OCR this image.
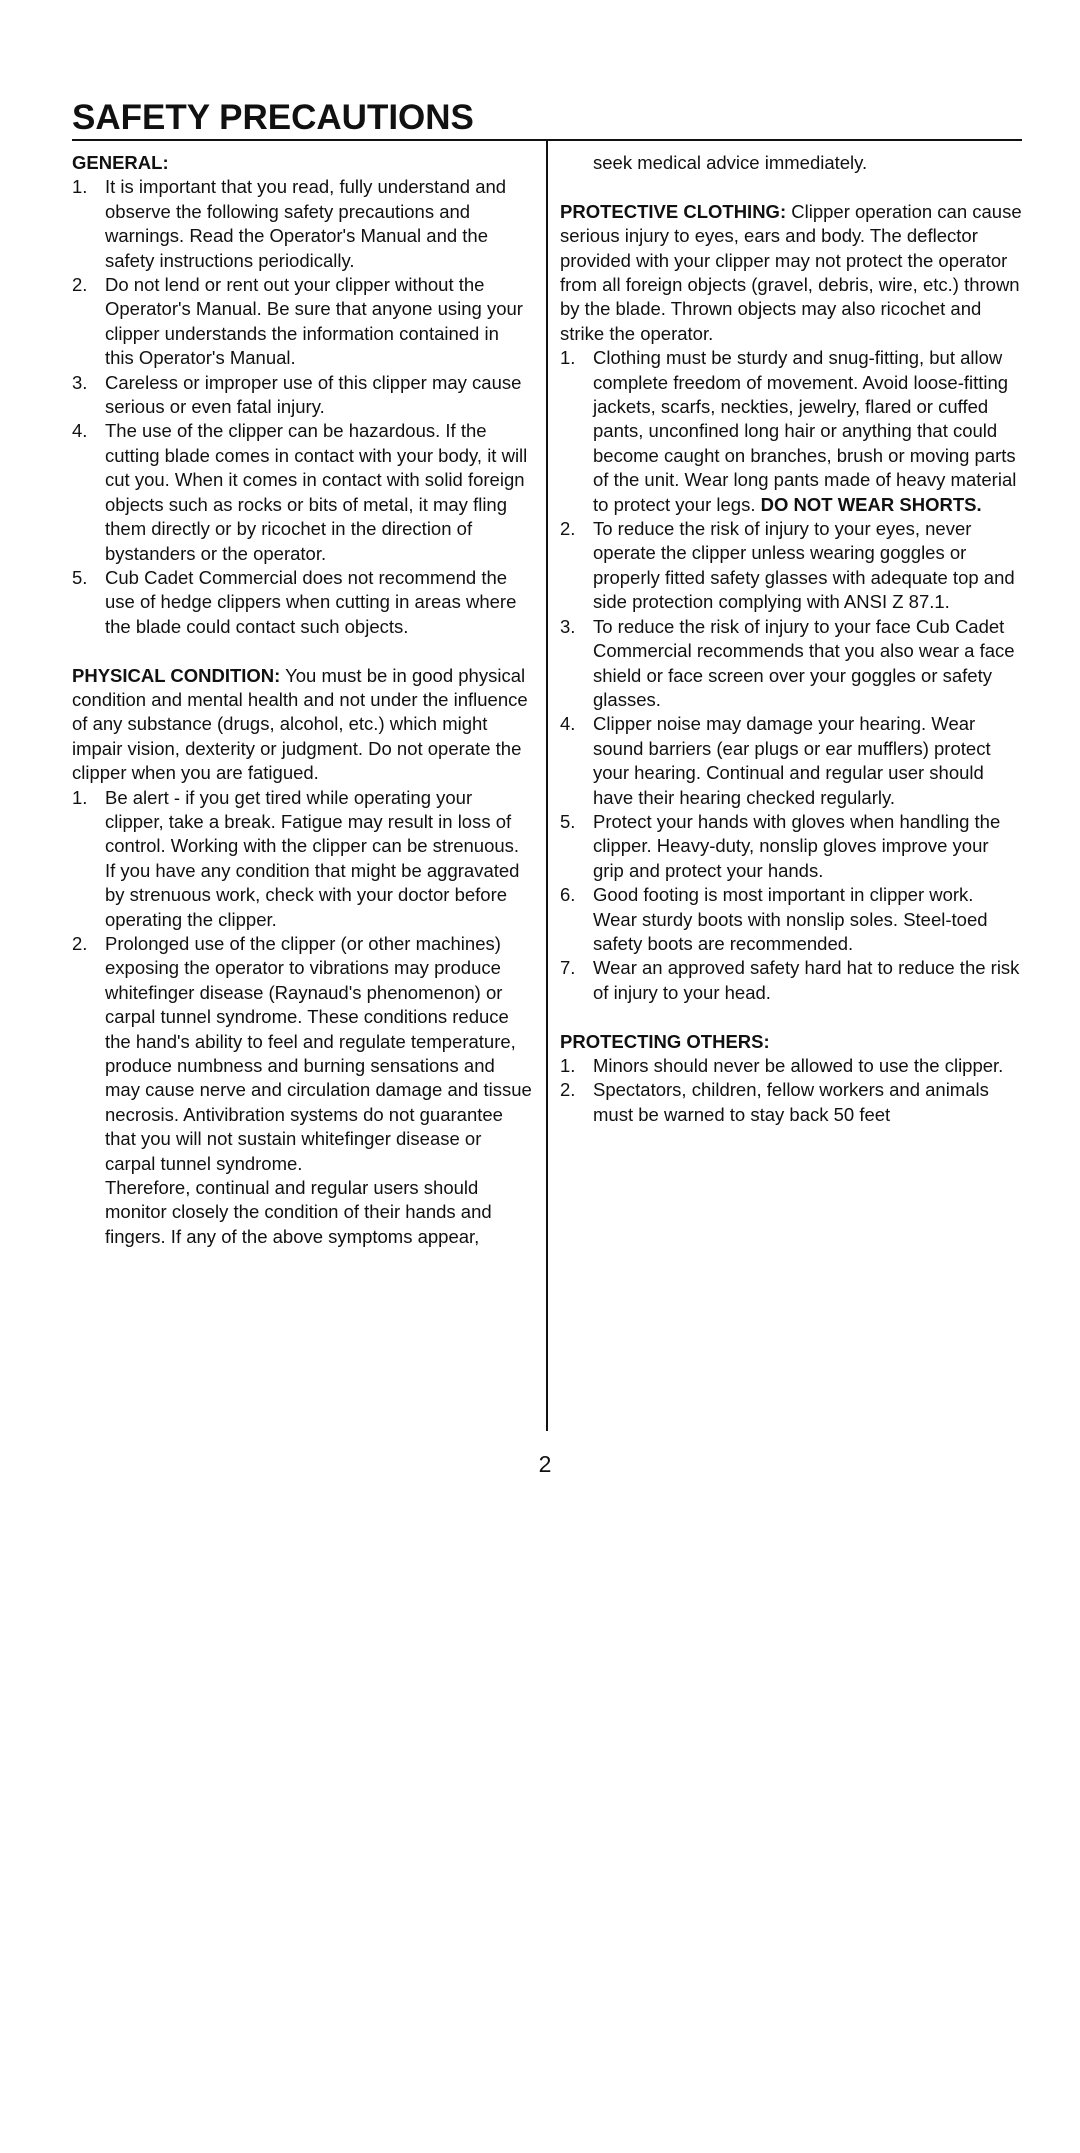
SAFETY PRECAUTIONS

GENERAL:

1. It is important that you read, fully understand and observe the following safety precautions and warnings. Read the Operator's Manual and the safety instructions periodically.
2. Do not lend or rent out your clipper without the Operator's Manual. Be sure that anyone using your clipper understands the information contained in this Operator's Manual.
3. Careless or improper use of this clipper may cause serious or even fatal injury.
4. The use of the clipper can be hazardous. If the cutting blade comes in contact with your body, it will cut you. When it comes in contact with solid foreign objects such as rocks or bits of metal, it may fling them directly or by ricochet in the direction of bystanders or the operator.
5. Cub Cadet Commercial does not recommend the use of hedge clippers when cutting in areas where the blade could contact such objects.

PHYSICAL CONDITION: You must be in good physical condition and mental health and not under the influence of any substance (drugs, alcohol, etc.) which might impair vision, dexterity or judgment. Do not operate the clipper when you are fatigued.

1. Be alert - if you get tired while operating your clipper, take a break. Fatigue may result in loss of control. Working with the clipper can be strenuous. If you have any condition that might be aggravated by strenuous work, check with your doctor before operating the clipper.
2. Prolonged use of the clipper (or other machines) exposing the operator to vibrations may produce whitefinger disease (Raynaud's phenomenon) or carpal tunnel syndrome. These conditions reduce the hand's ability to feel and regulate temperature, produce numbness and burning sensations and may cause nerve and circulation damage and tissue necrosis. Antivibration systems do not guarantee that you will not sustain whitefinger disease or carpal tunnel syndrome.

Therefore, continual and regular users should monitor closely the condition of their hands and fingers. If any of the above symptoms appear,

seek medical advice immediately.

PROTECTIVE CLOTHING: Clipper operation can cause serious injury to eyes, ears and body. The deflector provided with your clipper may not protect the operator from all foreign objects (gravel, debris, wire, etc.) thrown by the blade. Thrown objects may also ricochet and strike the operator.

1. Clothing must be sturdy and snug-fitting, but allow complete freedom of movement. Avoid loose-fitting jackets, scarfs, neckties, jewelry, flared or cuffed pants, unconfined long hair or anything that could become caught on branches, brush or moving parts of the unit. Wear long pants made of heavy material to protect your legs. DO NOT WEAR SHORTS.
2. To reduce the risk of injury to your eyes, never operate the clipper unless wearing goggles or properly fitted safety glasses with adequate top and side protection complying with ANSI Z 87.1.
3. To reduce the risk of injury to your face Cub Cadet Commercial recommends that you also wear a face shield or face screen over your goggles or safety glasses.
4. Clipper noise may damage your hearing. Wear sound barriers (ear plugs or ear mufflers) protect your hearing. Continual and regular user should have their hearing checked regularly.
5. Protect your hands with gloves when handling the clipper. Heavy-duty, nonslip gloves improve your grip and protect your hands.
6. Good footing is most important in clipper work. Wear sturdy boots with nonslip soles. Steel-toed safety boots are recommended.
7. Wear an approved safety hard hat to reduce the risk of injury to your head.

PROTECTING OTHERS:

1. Minors should never be allowed to use the clipper.
2. Spectators, children, fellow workers and animals must be warned to stay back 50 feet
2
